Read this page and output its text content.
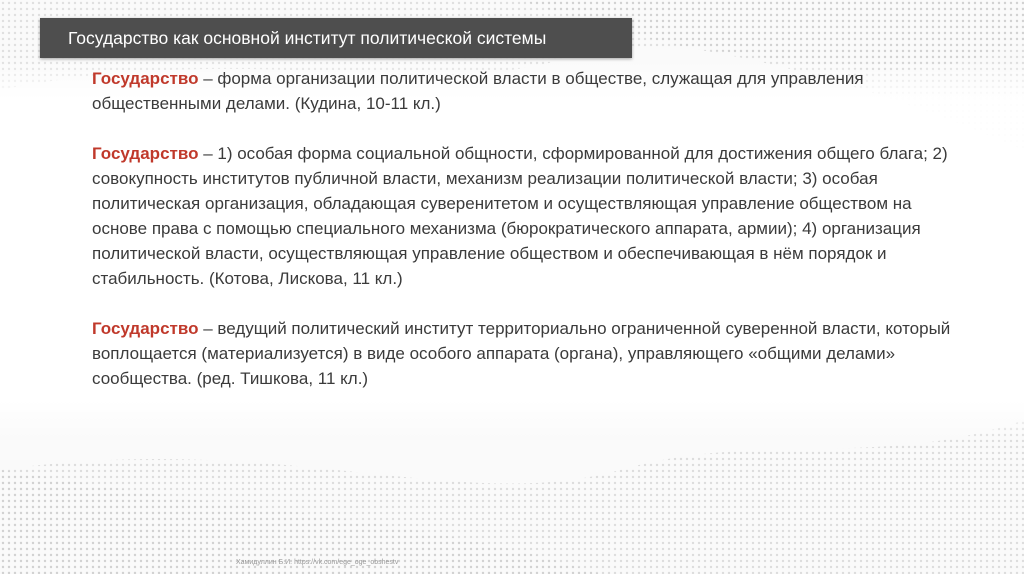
Государство как основной институт политической системы

Государство – форма организации политической власти в обществе, служащая для управления общественными делами. (Кудина, 10-11 кл.)

Государство – 1) особая форма социальной общности, сформированной для достижения общего блага; 2) совокупность институтов публичной власти, механизм реализации политической власти; 3) особая политическая организация, обладающая суверенитетом и осуществляющая управление обществом на основе права с помощью специального механизма (бюрократического аппарата, армии); 4) организация политической власти, осуществляющая управление обществом и обеспечивающая в нём порядок и стабильность. (Котова, Лискова, 11 кл.)

Государство – ведущий политический институт территориально ограниченной суверенной власти, который воплощается (материализуется) в виде особого аппарата (органа), управляющего «общими делами» сообщества. (ред. Тишкова, 11 кл.)

Хамидуллин Б.И. https://vk.com/ege_oge_obshestv
